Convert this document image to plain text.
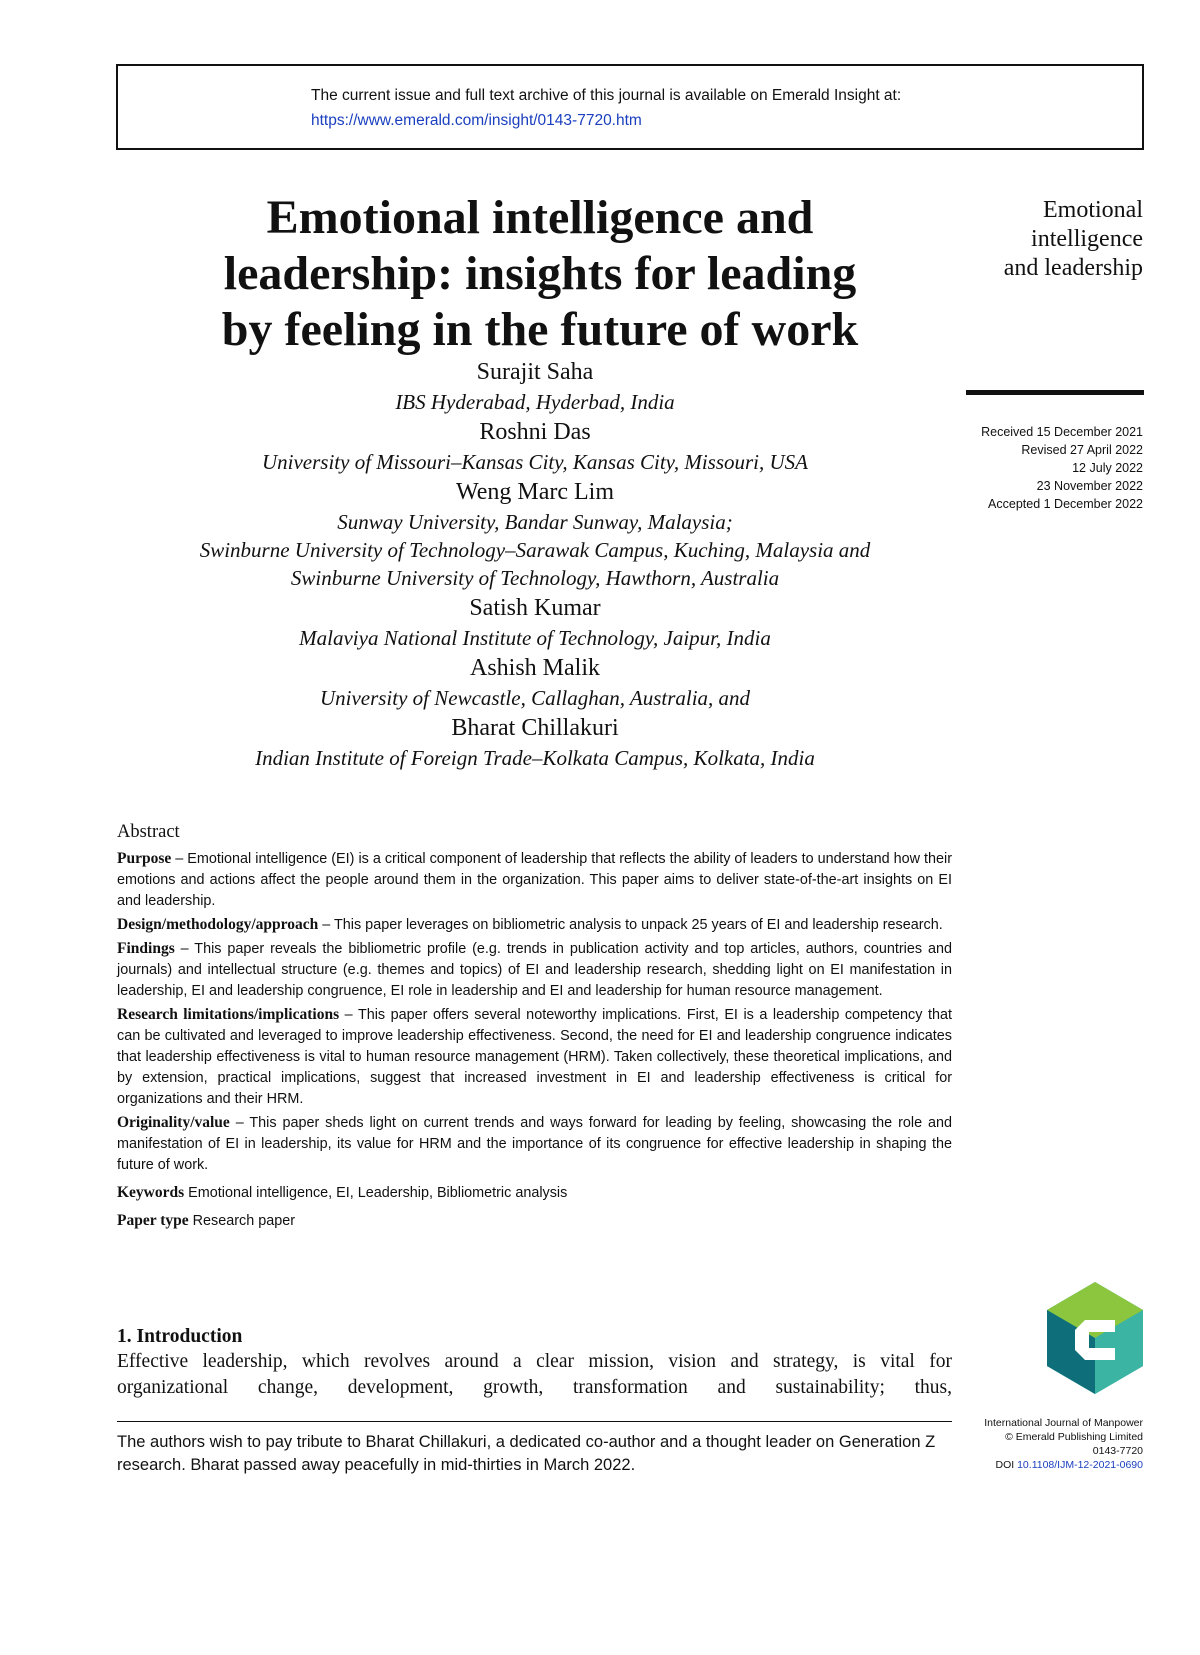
The current issue and full text archive of this journal is available on Emerald Insight at:
https://www.emerald.com/insight/0143-7720.htm
Emotional intelligence and
leadership: insights for leading
by feeling in the future of work
Emotional
intelligence
and leadership
Received 15 December 2021
Revised 27 April 2022
12 July 2022
23 November 2022
Accepted 1 December 2022
Surajit Saha
IBS Hyderabad, Hyderbad, India
Roshni Das
University of Missouri–Kansas City, Kansas City, Missouri, USA
Weng Marc Lim
Sunway University, Bandar Sunway, Malaysia;
Swinburne University of Technology–Sarawak Campus, Kuching, Malaysia and
Swinburne University of Technology, Hawthorn, Australia
Satish Kumar
Malaviya National Institute of Technology, Jaipur, India
Ashish Malik
University of Newcastle, Callaghan, Australia, and
Bharat Chillakuri
Indian Institute of Foreign Trade–Kolkata Campus, Kolkata, India
Abstract

Purpose – Emotional intelligence (EI) is a critical component of leadership that reflects the ability of leaders to understand how their emotions and actions affect the people around them in the organization. This paper aims to deliver state-of-the-art insights on EI and leadership.

Design/methodology/approach – This paper leverages on bibliometric analysis to unpack 25 years of EI and leadership research.

Findings – This paper reveals the bibliometric profile (e.g. trends in publication activity and top articles, authors, countries and journals) and intellectual structure (e.g. themes and topics) of EI and leadership research, shedding light on EI manifestation in leadership, EI and leadership congruence, EI role in leadership and EI and leadership for human resource management.

Research limitations/implications – This paper offers several noteworthy implications. First, EI is a leadership competency that can be cultivated and leveraged to improve leadership effectiveness. Second, the need for EI and leadership congruence indicates that leadership effectiveness is vital to human resource management (HRM). Taken collectively, these theoretical implications, and by extension, practical implications, suggest that increased investment in EI and leadership effectiveness is critical for organizations and their HRM.

Originality/value – This paper sheds light on current trends and ways forward for leading by feeling, showcasing the role and manifestation of EI in leadership, its value for HRM and the importance of its congruence for effective leadership in shaping the future of work.

Keywords Emotional intelligence, EI, Leadership, Bibliometric analysis
Paper type Research paper
1. Introduction
Effective leadership, which revolves around a clear mission, vision and strategy, is vital for
organizational change, development, growth, transformation and sustainability; thus,
The authors wish to pay tribute to Bharat Chillakuri, a dedicated co-author and a thought leader on Generation Z research. Bharat passed away peacefully in mid-thirties in March 2022.
International Journal of Manpower
© Emerald Publishing Limited
0143-7720
DOI 10.1108/IJM-12-2021-0690
